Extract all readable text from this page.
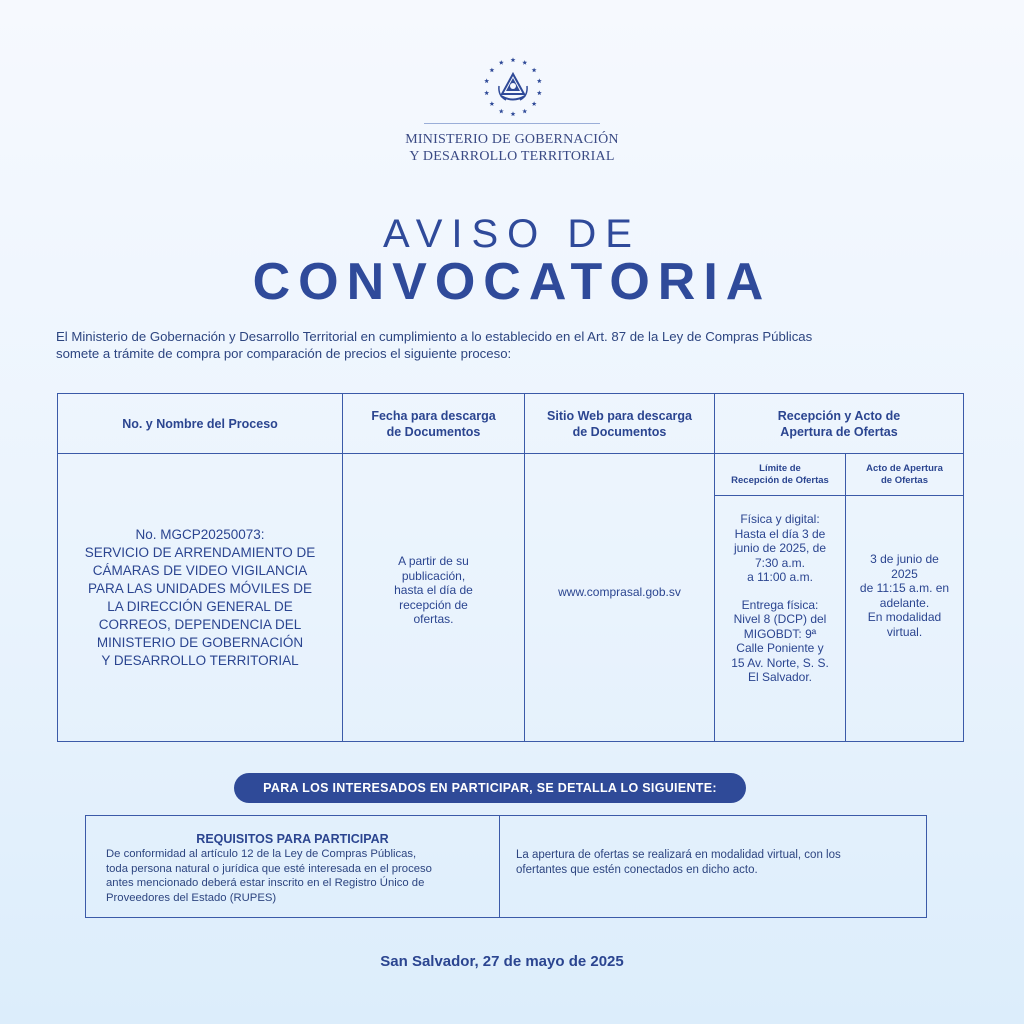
MINISTERIO DE GOBERNACIÓN
Y DESARROLLO TERRITORIAL
AVISO DE
CONVOCATORIA
El Ministerio de Gobernación y Desarrollo Territorial en cumplimiento a lo establecido en el Art. 87 de la Ley de Compras Públicas
somete a trámite de compra por comparación de precios el siguiente proceso:
No. y Nombre del Proceso
Fecha para descarga
de Documentos
Sitio Web para descarga
de Documentos
Recepción y Acto de
Apertura de Ofertas
Límite de
Recepción de Ofertas
Acto de Apertura
de Ofertas
No. MGCP20250073:
SERVICIO DE ARRENDAMIENTO DE
CÁMARAS DE VIDEO VIGILANCIA
PARA LAS UNIDADES MÓVILES DE
LA DIRECCIÓN GENERAL DE
CORREOS, DEPENDENCIA DEL
MINISTERIO DE GOBERNACIÓN
Y DESARROLLO TERRITORIAL
A partir de su
publicación,
hasta el día de
recepción de
ofertas.
www.comprasal.gob.sv
Física y digital:
Hasta el día 3 de
junio de 2025, de
7:30 a.m.
a 11:00 a.m.
Entrega física:
Nivel 8 (DCP) del
MIGOBDT: 9ª
Calle Poniente y
15 Av. Norte, S. S.
El Salvador.
3 de junio de
2025
de 11:15 a.m. en
adelante.
En modalidad
virtual.
PARA LOS INTERESADOS EN PARTICIPAR, SE DETALLA LO SIGUIENTE:
REQUISITOS PARA PARTICIPAR
De conformidad al artículo 12 de la Ley de Compras Públicas,
toda persona natural o jurídica que esté interesada en el proceso
antes mencionado deberá estar inscrito en el Registro Único de
Proveedores del Estado (RUPES)
La apertura de ofertas se realizará en modalidad virtual, con los
ofertantes que estén conectados en dicho acto.
San Salvador, 27 de mayo de 2025
